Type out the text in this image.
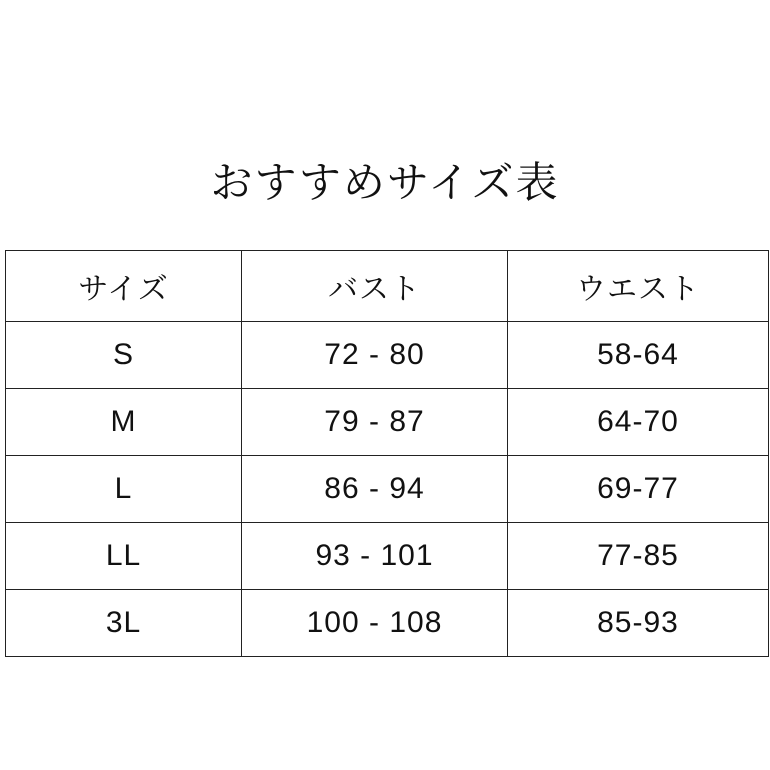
おすすめサイズ表
サイズ	バスト	ウエスト
S	72 - 80	58-64
M	79 - 87	64-70
L	86 - 94	69-77
LL	93 - 101	77-85
3L	100 - 108	85-93
